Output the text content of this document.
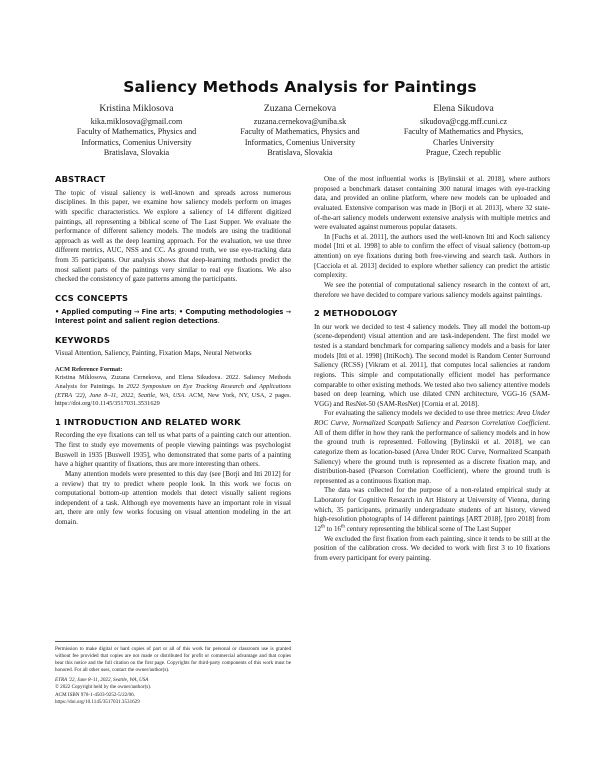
Saliency Methods Analysis for Paintings
Kristina Miklosova
kika.miklosova@gmail.com
Faculty of Mathematics, Physics and
Informatics, Comenius University
Bratislava, Slovakia
Zuzana Cernekova
zuzana.cernekova@uniba.sk
Faculty of Mathematics, Physics and
Informatics, Comenius University
Bratislava, Slovakia
Elena Sikudova
sikudova@cgg.mff.cuni.cz
Faculty of Mathematics and Physics,
Charles University
Prague, Czech republic
ABSTRACT

The topic of visual saliency is well-known and spreads across numerous disciplines. In this paper, we examine how saliency models perform on images with specific characteristics. We explore a saliency of 14 different digitized paintings, all representing a biblical scene of The Last Supper. We evaluate the performance of different saliency models. The models are using the traditional approach as well as the deep learning approach. For the evaluation, we use three different metrics, AUC, NSS and CC. As ground truth, we use eye-tracking data from 35 participants. Our analysis shows that deep-learning methods predict the most salient parts of the paintings very similar to real eye fixations. We also checked the consistency of gaze patterns among the participants.

CCS CONCEPTS
• Applied computing → Fine arts; • Computing methodologies → Interest point and salient region detections.
KEYWORDS

Visual Attention, Saliency, Painting, Fixation Maps, Neural Networks

ACM Reference Format:
Kristina Miklosova, Zuzana Cernekova, and Elena Sikudova. 2022. Saliency Methods Analysis for Paintings. In 2022 Symposium on Eye Tracking Research and Applications (ETRA '22), June 8–11, 2022, Seattle, WA, USA. ACM, New York, NY, USA, 2 pages. https://doi.org/10.1145/3517031.3531629
1 INTRODUCTION AND RELATED WORK

Recording the eye fixations can tell us what parts of a painting catch our attention. The first to study eye movements of people viewing paintings was psychologist Buswell in 1935 [Buswell 1935], who demonstrated that some parts of a painting have a higher quantity of fixations, thus are more interesting than others.

Many attention models were presented to this day (see [Borji and Itti 2012] for a review) that try to predict where people look. In this work we focus on computational bottom-up attention models that detect visually salient regions independent of a task. Although eye movements have an important role in visual art, there are only few works focusing on visual attention modeling in the art domain.

Permission to make digital or hard copies of part or all of this work for personal or classroom use is granted without fee provided that copies are not made or distributed for profit or commercial advantage and that copies bear this notice and the full citation on the first page. Copyrights for third-party components of this work must be honored. For all other uses, contact the owner/author(s).
ETRA '22, June 8–11, 2022, Seattle, WA, USA
© 2022 Copyright held by the owner/author(s).
ACM ISBN 978-1-4503-9252-5/22/06.
https://doi.org/10.1145/3517031.3531629

One of the most influential works is [Bylinskii et al. 2018], where authors proposed a benchmark dataset containing 300 natural images with eye-tracking data, and provided an online platform, where new models can be uploaded and evaluated. Extensive comparison was made in [Borji et al. 2013], where 32 state-of-the-art saliency models underwent extensive analysis with multiple metrics and were evaluated against numerous popular datasets.

In [Fuchs et al. 2011], the authors used the well-known Itti and Koch saliency model [Itti et al. 1998] to able to confirm the effect of visual saliency (bottom-up attention) on eye fixations during both free-viewing and search task. Authors in [Cacciola et al. 2013] decided to explore whether saliency can predict the artistic complexity.

We see the potential of computational saliency research in the context of art, therefore we have decided to compare various saliency models against paintings.

2 METHODOLOGY

In our work we decided to test 4 saliency models. They all model the bottom-up (scene-dependent) visual attention and are task-independent. The first model we tested is a standard benchmark for comparing saliency models and a basis for later models [Itti et al. 1998] (IttiKoch). The second model is Random Center Surround Saliency (RCSS) [Vikram et al. 2011], that computes local saliencies at random regions. This simple and computationally efficient model has performance comparable to other existing methods. We tested also two saliency attentive models based on deep learning, which use dilated CNN architecture, VGG-16 (SAM-VGG) and ResNet-50 (SAM-ResNet) [Cornia et al. 2018].

For evaluating the saliency models we decided to use three metrics: Area Under ROC Curve, Normalized Scanpath Saliency and Pearson Correlation Coefficient. All of them differ in how they rank the performance of saliency models and in how the ground truth is represented. Following [Bylinskii et al. 2018], we can categorize them as location-based (Area Under ROC Curve, Normalized Scanpath Saliency) where the ground truth is represented as a discrete fixation map, and distribution-based (Pearson Correlation Coefficient), where the ground truth is represented as a continuous fixation map.

The data was collected for the purpose of a non-related empirical study at Laboratory for Cognitive Research in Art History at University of Vienna, during which, 35 participants, primarily undergraduate students of art history, viewed high-resolution photographs of 14 different paintings [ART 2018], [pro 2018] from 12th to 16th century representing the biblical scene of The Last Supper

We excluded the first fixation from each painting, since it tends to be still at the position of the calibration cross. We decided to work with first 3 to 10 fixations from every participant for every painting.
